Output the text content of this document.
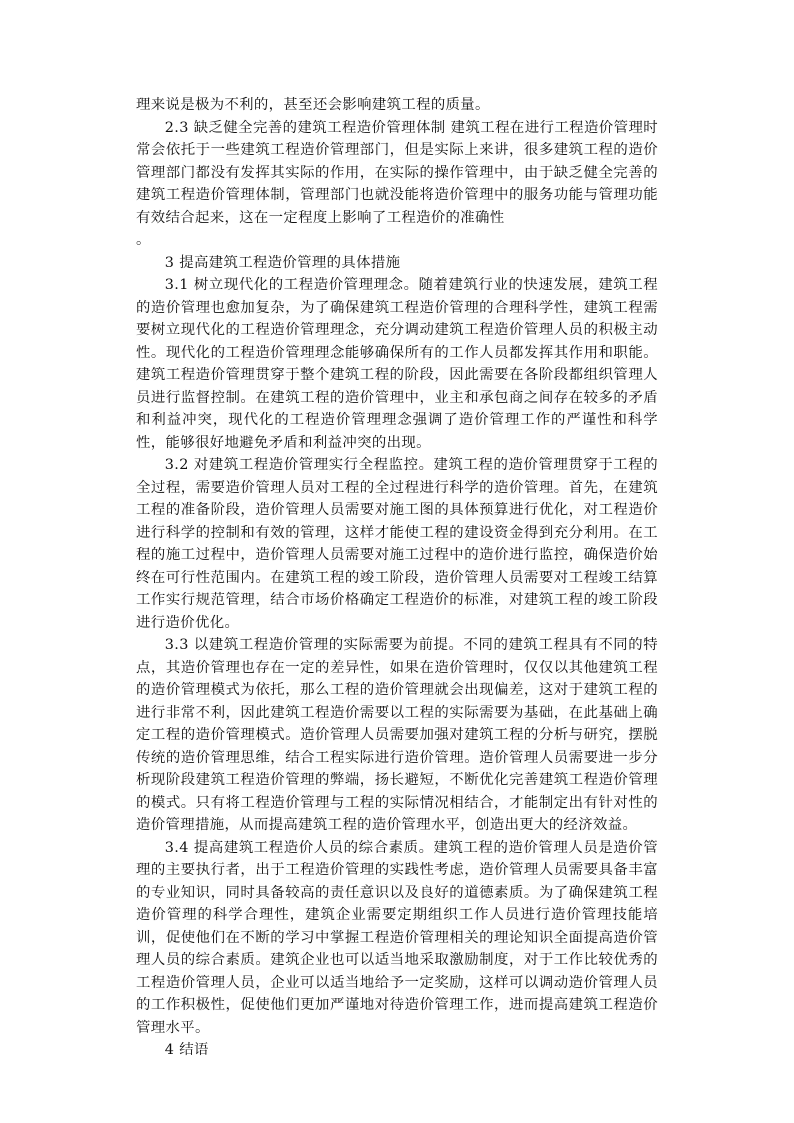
理来说是极为不利的，甚至还会影响建筑工程的质量。

2.3 缺乏健全完善的建筑工程造价管理体制 建筑工程在进行工程造价管理时常会依托于一些建筑工程造价管理部门，但是实际上来讲，很多建筑工程的造价管理部门都没有发挥其实际的作用，在实际的操作管理中，由于缺乏健全完善的建筑工程造价管理体制，管理部门也就没能将造价管理中的服务功能与管理功能有效结合起来，这在一定程度上影响了工程造价的准确性

。

3 提高建筑工程造价管理的具体措施

3.1 树立现代化的工程造价管理理念。随着建筑行业的快速发展，建筑工程的造价管理也愈加复杂，为了确保建筑工程造价管理的合理科学性，建筑工程需要树立现代化的工程造价管理理念，充分调动建筑工程造价管理人员的积极主动性。现代化的工程造价管理理念能够确保所有的工作人员都发挥其作用和职能。建筑工程造价管理贯穿于整个建筑工程的阶段，因此需要在各阶段都组织管理人员进行监督控制。在建筑工程的造价管理中，业主和承包商之间存在较多的矛盾和利益冲突，现代化的工程造价管理理念强调了造价管理工作的严谨性和科学性，能够很好地避免矛盾和利益冲突的出现。

3.2 对建筑工程造价管理实行全程监控。建筑工程的造价管理贯穿于工程的全过程，需要造价管理人员对工程的全过程进行科学的造价管理。首先，在建筑工程的准备阶段，造价管理人员需要对施工图的具体预算进行优化，对工程造价进行科学的控制和有效的管理，这样才能使工程的建设资金得到充分利用。在工程的施工过程中，造价管理人员需要对施工过程中的造价进行监控，确保造价始终在可行性范围内。在建筑工程的竣工阶段，造价管理人员需要对工程竣工结算工作实行规范管理，结合市场价格确定工程造价的标准，对建筑工程的竣工阶段进行造价优化。

3.3 以建筑工程造价管理的实际需要为前提。不同的建筑工程具有不同的特点，其造价管理也存在一定的差异性，如果在造价管理时，仅仅以其他建筑工程的造价管理模式为依托，那么工程的造价管理就会出现偏差，这对于建筑工程的进行非常不利，因此建筑工程造价需要以工程的实际需要为基础，在此基础上确定工程的造价管理模式。造价管理人员需要加强对建筑工程的分析与研究，摆脱传统的造价管理思维，结合工程实际进行造价管理。造价管理人员需要进一步分析现阶段建筑工程造价管理的弊端，扬长避短，不断优化完善建筑工程造价管理的模式。只有将工程造价管理与工程的实际情况相结合，才能制定出有针对性的造价管理措施，从而提高建筑工程的造价管理水平，创造出更大的经济效益。

3.4 提高建筑工程造价人员的综合素质。建筑工程的造价管理人员是造价管理的主要执行者，出于工程造价管理的实践性考虑，造价管理人员需要具备丰富的专业知识，同时具备较高的责任意识以及良好的道德素质。为了确保建筑工程造价管理的科学合理性，建筑企业需要定期组织工作人员进行造价管理技能培训，促使他们在不断的学习中掌握工程造价管理相关的理论知识全面提高造价管理人员的综合素质。建筑企业也可以适当地采取激励制度，对于工作比较优秀的工程造价管理人员，企业可以适当地给予一定奖励，这样可以调动造价管理人员的工作积极性，促使他们更加严谨地对待造价管理工作，进而提高建筑工程造价管理水平。

4 结语
